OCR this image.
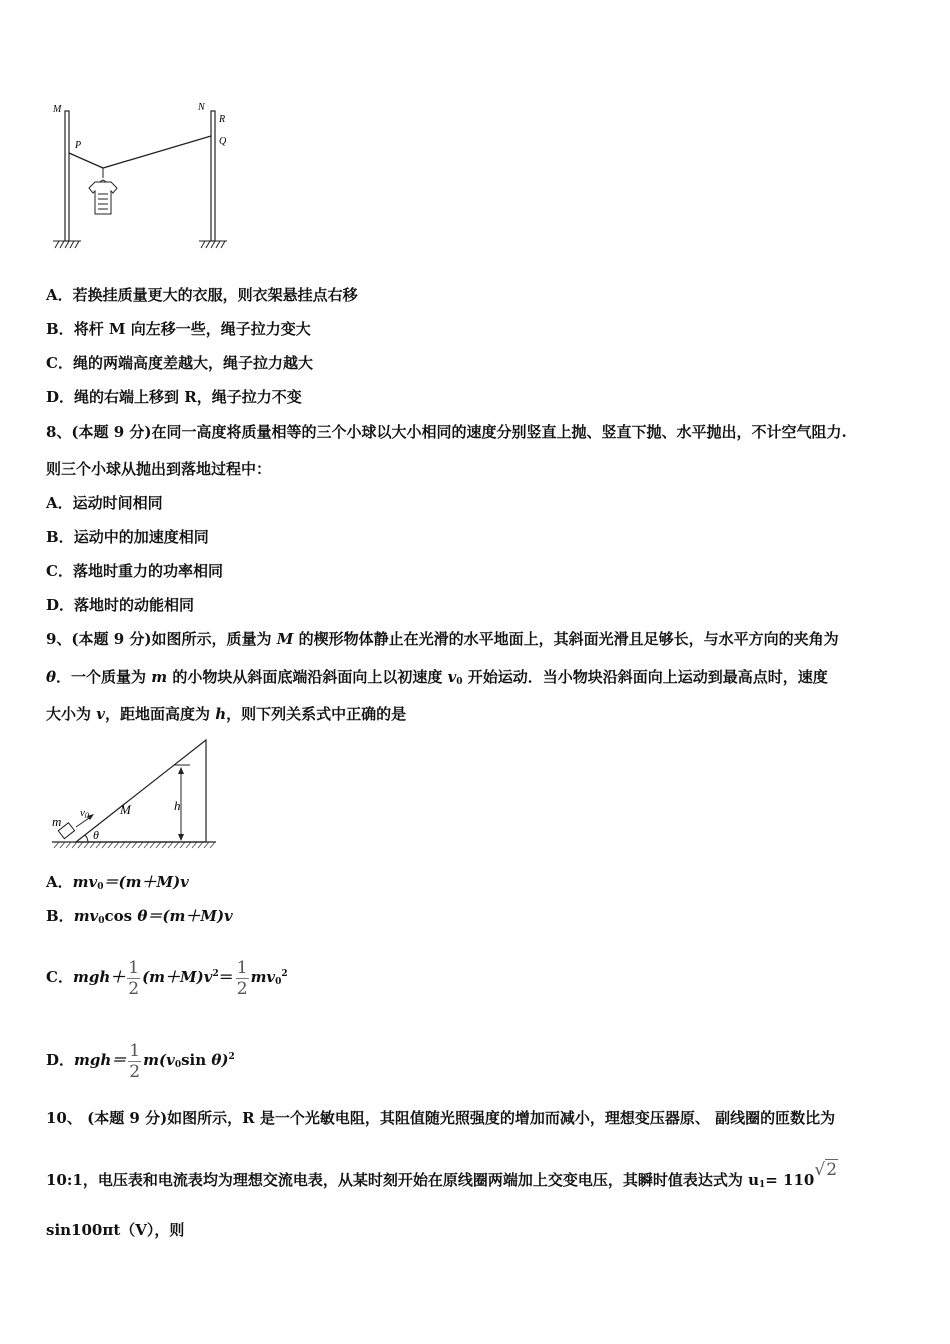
M	N
P
R
Q
A．若换挂质量更大的衣服，则衣架悬挂点右移
B．将杆 M 向左移一些，绳子拉力变大
C．绳的两端高度差越大，绳子拉力越大
D．绳的右端上移到 R，绳子拉力不变
8、(本题 9 分)在同一高度将质量相等的三个小球以大小相同的速度分别竖直上抛、竖直下抛、水平抛出，不计空气阻力.
则三个小球从抛出到落地过程中：
A．运动时间相同
B．运动中的加速度相同
C．落地时重力的功率相同
D．落地时的动能相同
9、(本题 9 分)如图所示，质量为 M 的楔形物体静止在光滑的水平地面上，其斜面光滑且足够长，与水平方向的夹角为
θ．一个质量为 m 的小物块从斜面底端沿斜面向上以初速度 $v_0$ 开始运动．当小物块沿斜面向上运动到最高点时，速度
大小为 v，距地面高度为 h，则下列关系式中正确的是
m
v0 M	h
θ
A．$mv_0=(m+M)v$
B．$mv_0\cos$ θ＝(m＋M)v
C．$mgh+ \frac{1}{2} (m+M)v^2= \frac{1}{2} mv_0^2$
D．$mgh= \frac{1}{2} m(v_0\sin$ θ)$^2$
10、 (本题 9 分)如图所示，R 是一个光敏电阻，其阻值随光照强度的增加而减小，理想变压器原、 副线圈的匝数比为
10:1，电压表和电流表均为理想交流电表，从某时刻开始在原线圈两端加上交变电压，其瞬时值表达式为 $u_1= 110√2$
sin100πt（V），则
